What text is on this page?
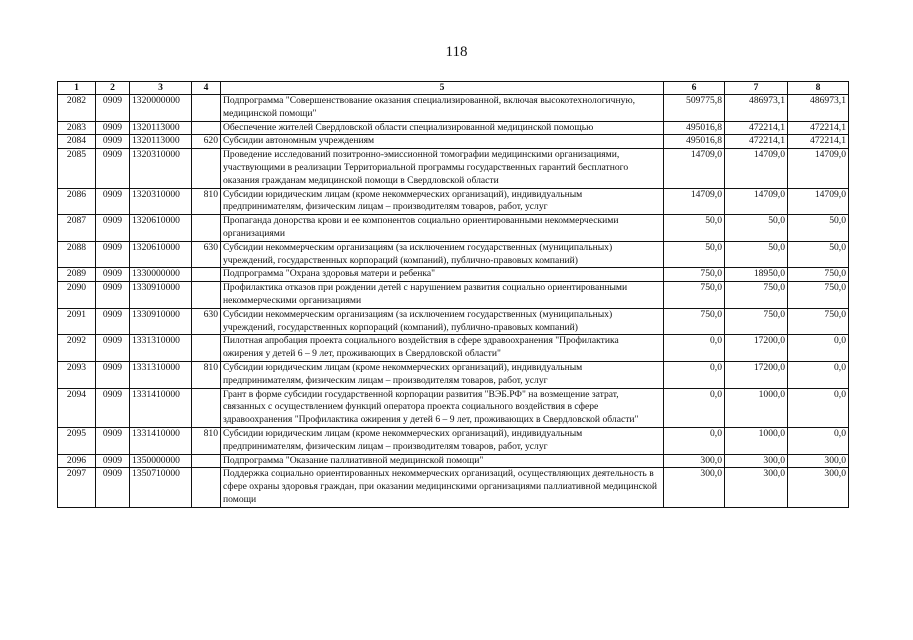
118
1	2	3	4	5	6	7	8
2082	0909	1320000000		Подпрограмма "Совершенствование оказания специализированной, включая высокотехнологичную, медицинской помощи"	509775,8	486973,1	486973,1
2083	0909	1320113000		Обеспечение жителей Свердловской области специализированной медицинской помощью	495016,8	472214,1	472214,1
2084	0909	1320113000	620	Субсидии автономным учреждениям	495016,8	472214,1	472214,1
2085	0909	1320310000		Проведение исследований позитронно-эмиссионной томографии медицинскими организациями, участвующими в реализации Территориальной программы государственных гарантий бесплатного оказания гражданам медицинской помощи в Свердловской области	14709,0	14709,0	14709,0
2086	0909	1320310000	810	Субсидии юридическим лицам (кроме некоммерческих организаций), индивидуальным предпринимателям, физическим лицам – производителям товаров, работ, услуг	14709,0	14709,0	14709,0
2087	0909	1320610000		Пропаганда донорства крови и ее компонентов социально ориентированными некоммерческими организациями	50,0	50,0	50,0
2088	0909	1320610000	630	Субсидии некоммерческим организациям (за исключением государственных (муниципальных) учреждений, государственных корпораций (компаний), публично-правовых компаний)	50,0	50,0	50,0
2089	0909	1330000000		Подпрограмма "Охрана здоровья матери и ребенка"	750,0	18950,0	750,0
2090	0909	1330910000		Профилактика отказов при рождении детей с нарушением развития социально ориентированными некоммерческими организациями	750,0	750,0	750,0
2091	0909	1330910000	630	Субсидии некоммерческим организациям (за исключением государственных (муниципальных) учреждений, государственных корпораций (компаний), публично-правовых компаний)	750,0	750,0	750,0
2092	0909	1331310000		Пилотная апробация проекта социального воздействия в сфере здравоохранения "Профилактика ожирения у детей 6 – 9 лет, проживающих в Свердловской области"	0,0	17200,0	0,0
2093	0909	1331310000	810	Субсидии юридическим лицам (кроме некоммерческих организаций), индивидуальным предпринимателям, физическим лицам – производителям товаров, работ, услуг	0,0	17200,0	0,0
2094	0909	1331410000		Грант в форме субсидии государственной корпорации развития "ВЭБ.РФ" на возмещение затрат, связанных с осуществлением функций оператора проекта социального воздействия в сфере здравоохранения "Профилактика ожирения у детей 6 – 9 лет, проживающих в Свердловской области"	0,0	1000,0	0,0
2095	0909	1331410000	810	Субсидии юридическим лицам (кроме некоммерческих организаций), индивидуальным предпринимателям, физическим лицам – производителям товаров, работ, услуг	0,0	1000,0	0,0
2096	0909	1350000000		Подпрограмма "Оказание паллиативной медицинской помощи"	300,0	300,0	300,0
2097	0909	1350710000		Поддержка социально ориентированных некоммерческих организаций, осуществляющих деятельность в сфере охраны здоровья граждан, при оказании медицинскими организациями паллиативной медицинской помощи	300,0	300,0	300,0
